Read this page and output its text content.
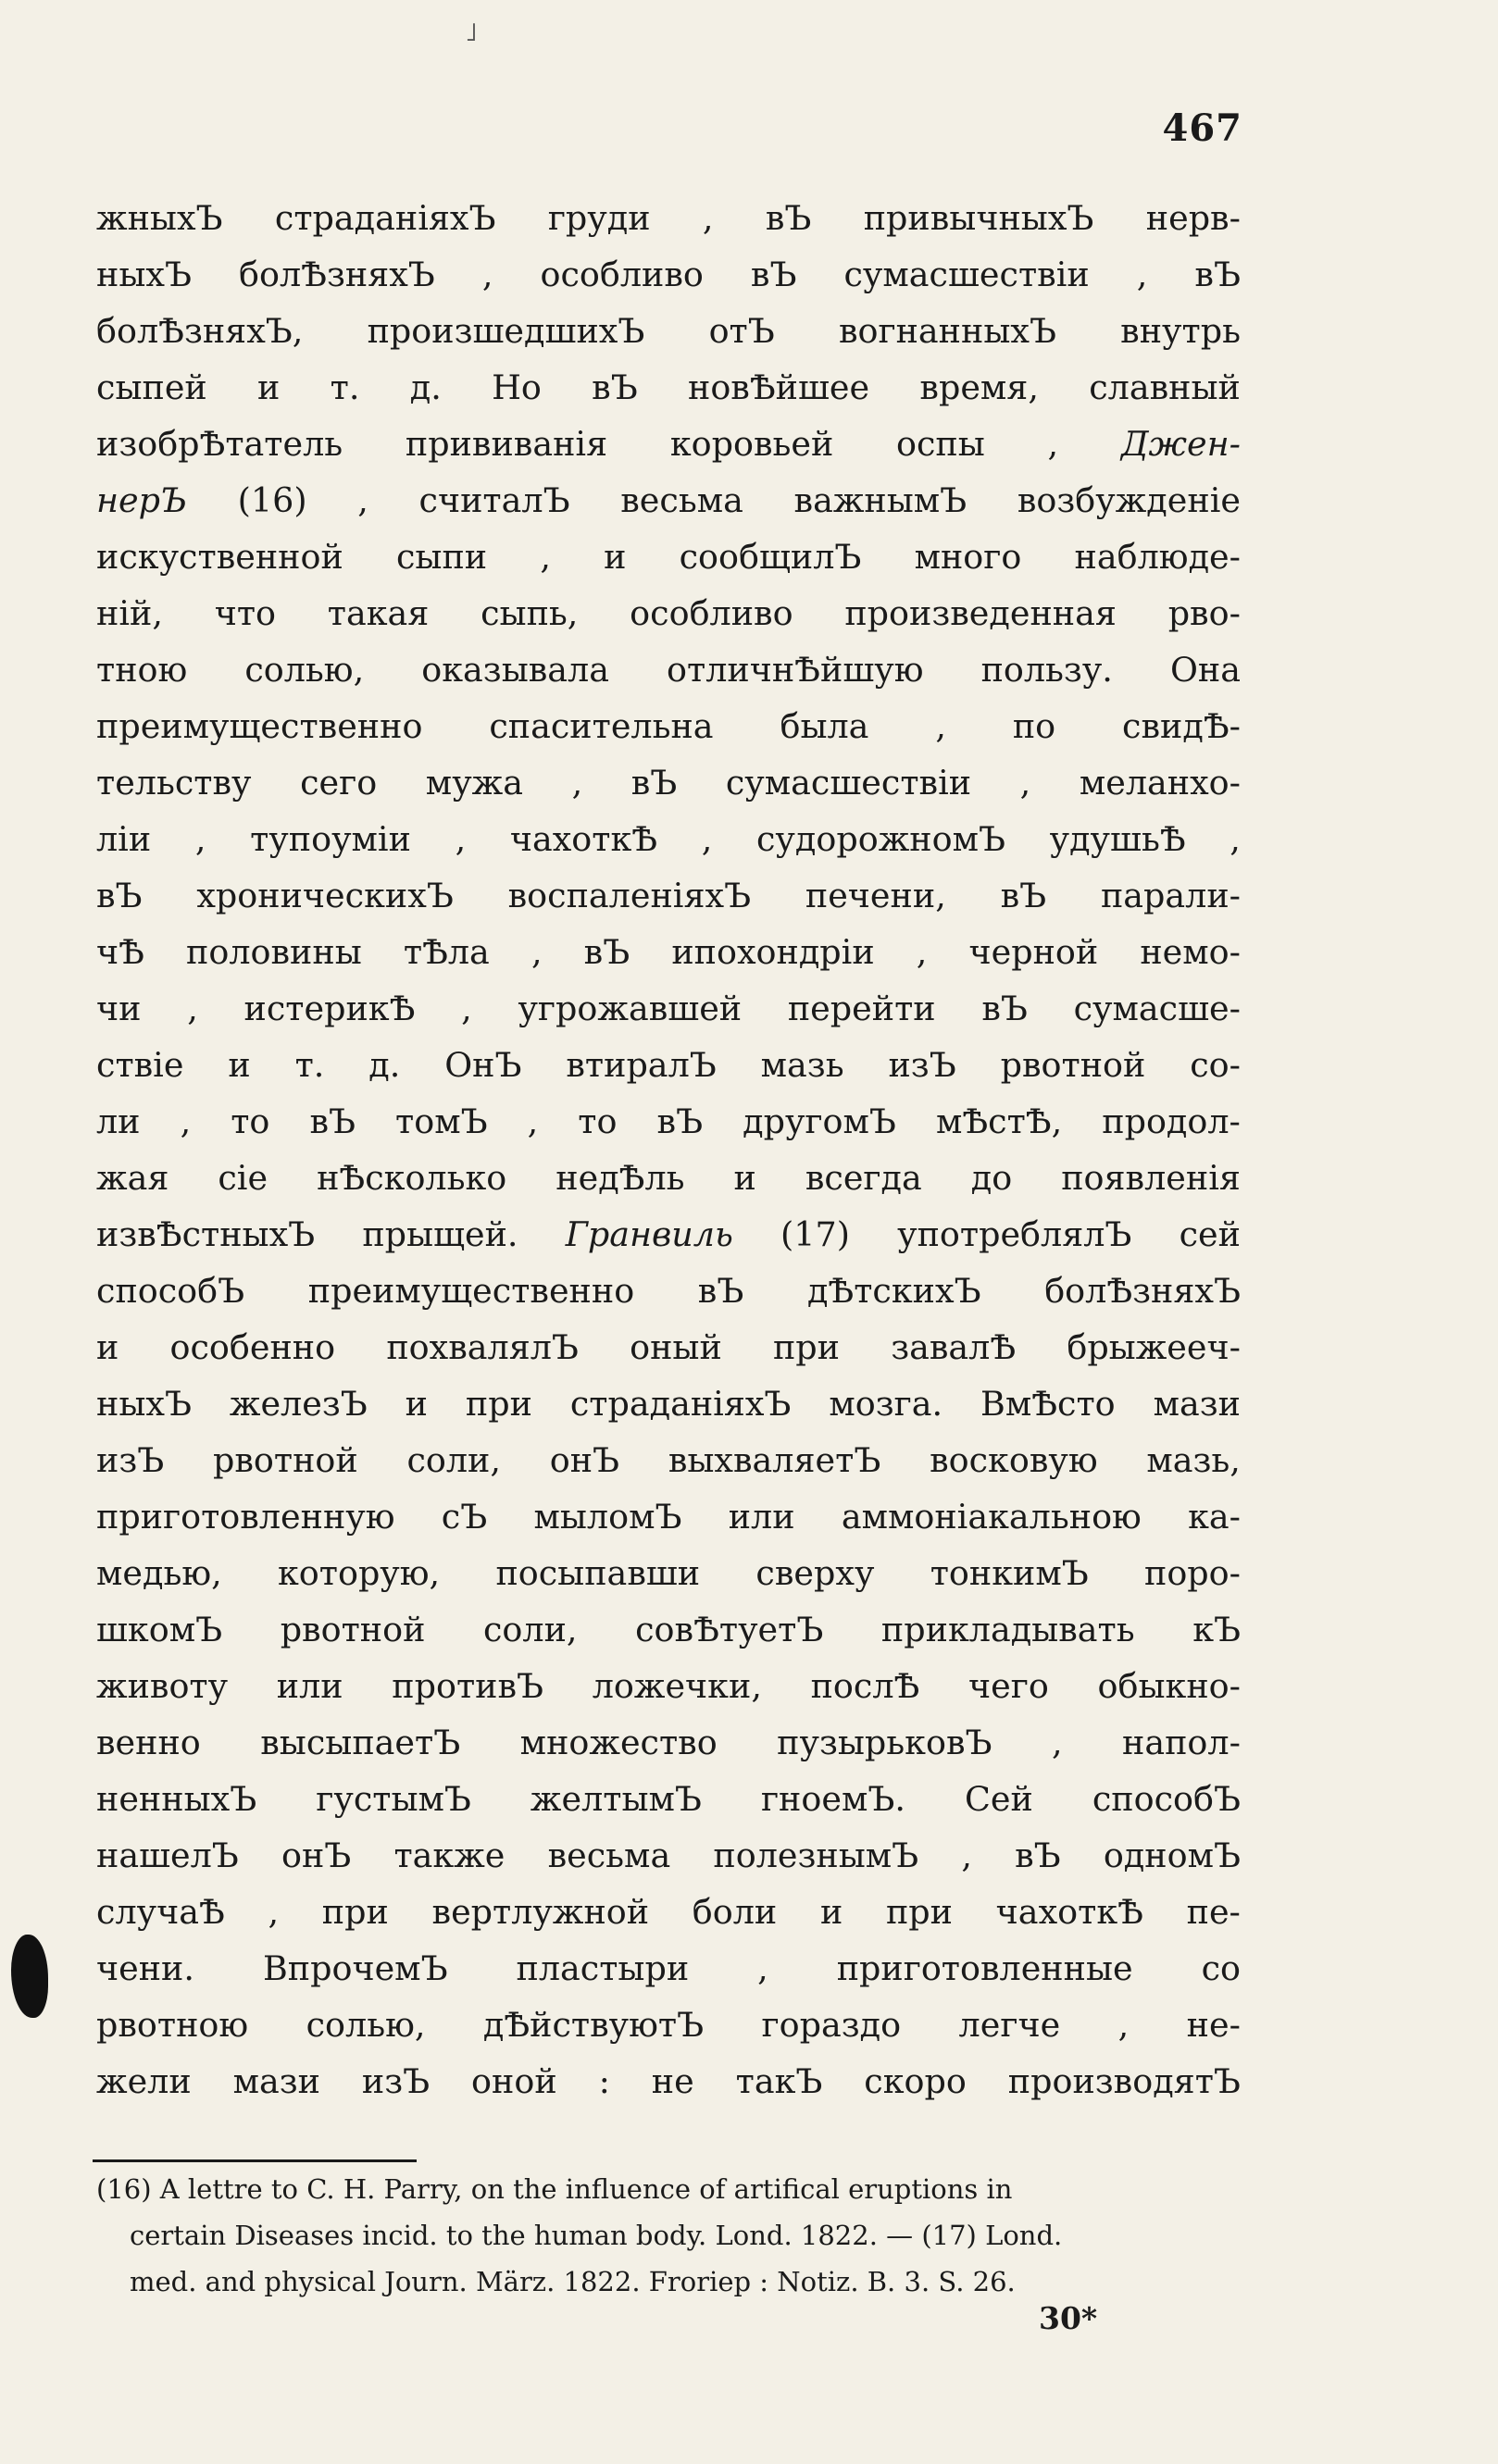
˩
467
жныхЪ страданiяхЪ груди , вЪ привычныхЪ нерв-
ныхЪ болѢзняхЪ , особливо вЪ сумасшествiи , вЪ
болѢзняхЪ, произшедшихЪ отЪ вогнанныхЪ внутрь
сыпей и т. д. Но вЪ новѢйшее время, славный
изобрѢтатель прививанiя коровьей оспы , Джен-
нерЪ (16) , считалЪ весьма важнымЪ возбужденiе
искуственной сыпи , и сообщилЪ много наблюде-
нiй, что такая сыпь, особливо произведенная рво-
тною солью, оказывала отличнѢйшую пользу. Она
преимущественно спасительна была , по свидѢ-
тельству сего мужа , вЪ сумасшествiи , меланхо-
лiи , тупоумiи , чахоткѢ , судорожномЪ удушьѢ ,
вЪ хроническихЪ воспаленiяхЪ печени, вЪ парали-
чѢ половины тѢла , вЪ ипохондрiи , черной немо-
чи , истерикѢ , угрожавшей перейти вЪ сумасше-
ствiе и т. д. ОнЪ втиралЪ мазь изЪ рвотной со-
ли , то вЪ томЪ , то вЪ другомЪ мѢстѢ, продол-
жая сiе нѢсколько недѢль и всегда до появленiя
извѢстныхЪ прыщей. Гранвиль (17) употреблялЪ сей
способЪ преимущественно вЪ дѢтскихЪ болѢзняхЪ
и особенно похвалялЪ оный при завалѢ брыжееч-
ныхЪ железЪ и при страданiяхЪ мозга. ВмѢсто мази
изЪ рвотной соли, онЪ выхваляетЪ восковую мазь,
приготовленную сЪ мыломЪ или аммонiакальною ка-
медью, которую, посыпавши сверху тонкимЪ поро-
шкомЪ рвотной соли, совѢтуетЪ прикладывать кЪ
животу или противЪ ложечки, послѢ чего обыкно-
венно высыпаетЪ множество пузырьковЪ , напол-
ненныхЪ густымЪ желтымЪ гноемЪ. Сей способЪ
нашелЪ онЪ также весьма полезнымЪ , вЪ одномЪ
случаѢ , при вертлужной боли и при чахоткѢ пе-
чени. ВпрочемЪ пластыри , приготовленные со
рвотною солью, дѢйствуютЪ гораздо легче , не-
жели мази изЪ оной : не такЪ скоро производятЪ
(16) A lettre to C. H. Parry, on the influence of artifical eruptions in
certain Diseases incid. to the human body. Lond. 1822. — (17) Lond.
med. and physical Journ. März. 1822. Froriep : Notiz. B. 3. S. 26.
30*
